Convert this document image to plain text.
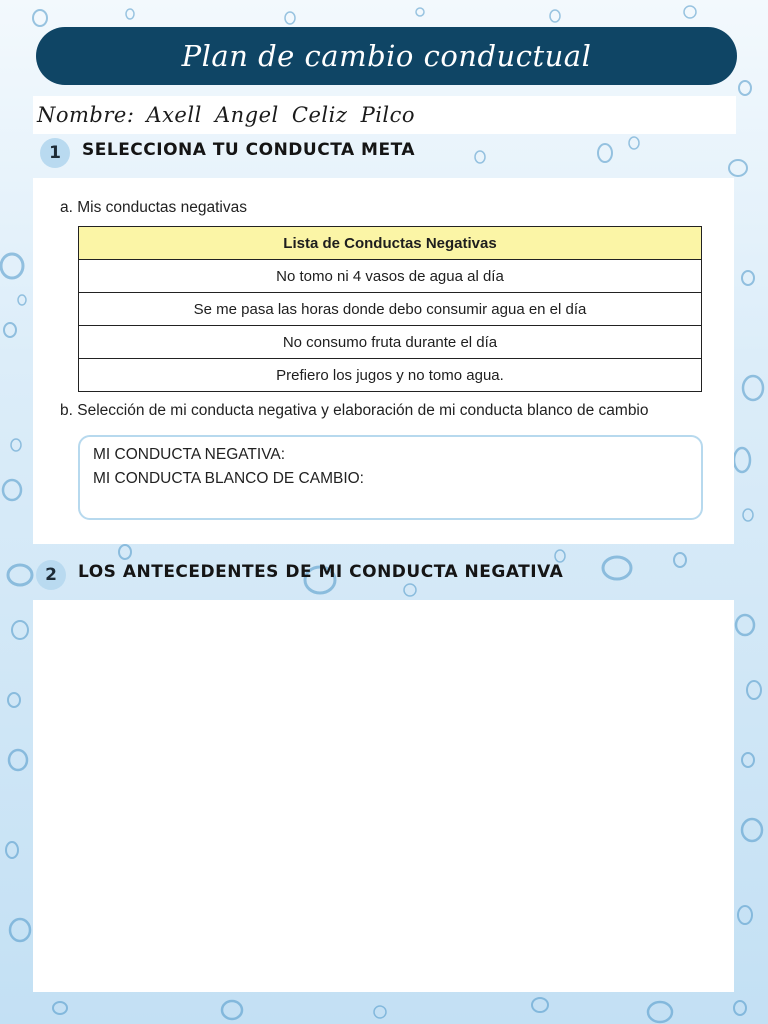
Plan de cambio conductual
Nombre: Axell Angel Celiz Pilco
1	SELECCIONA TU CONDUCTA META
a. Mis conductas negativas
Lista de Conductas Negativas
No tomo ni 4 vasos de agua al día
Se me pasa las horas donde debo consumir agua en el día
No consumo fruta durante el día
Prefiero los jugos y no tomo agua.
b. Selección de mi conducta negativa y elaboración de mi conducta blanco de cambio
MI CONDUCTA NEGATIVA:
MI CONDUCTA BLANCO DE CAMBIO:
2	LOS ANTECEDENTES DE MI CONDUCTA NEGATIVA
